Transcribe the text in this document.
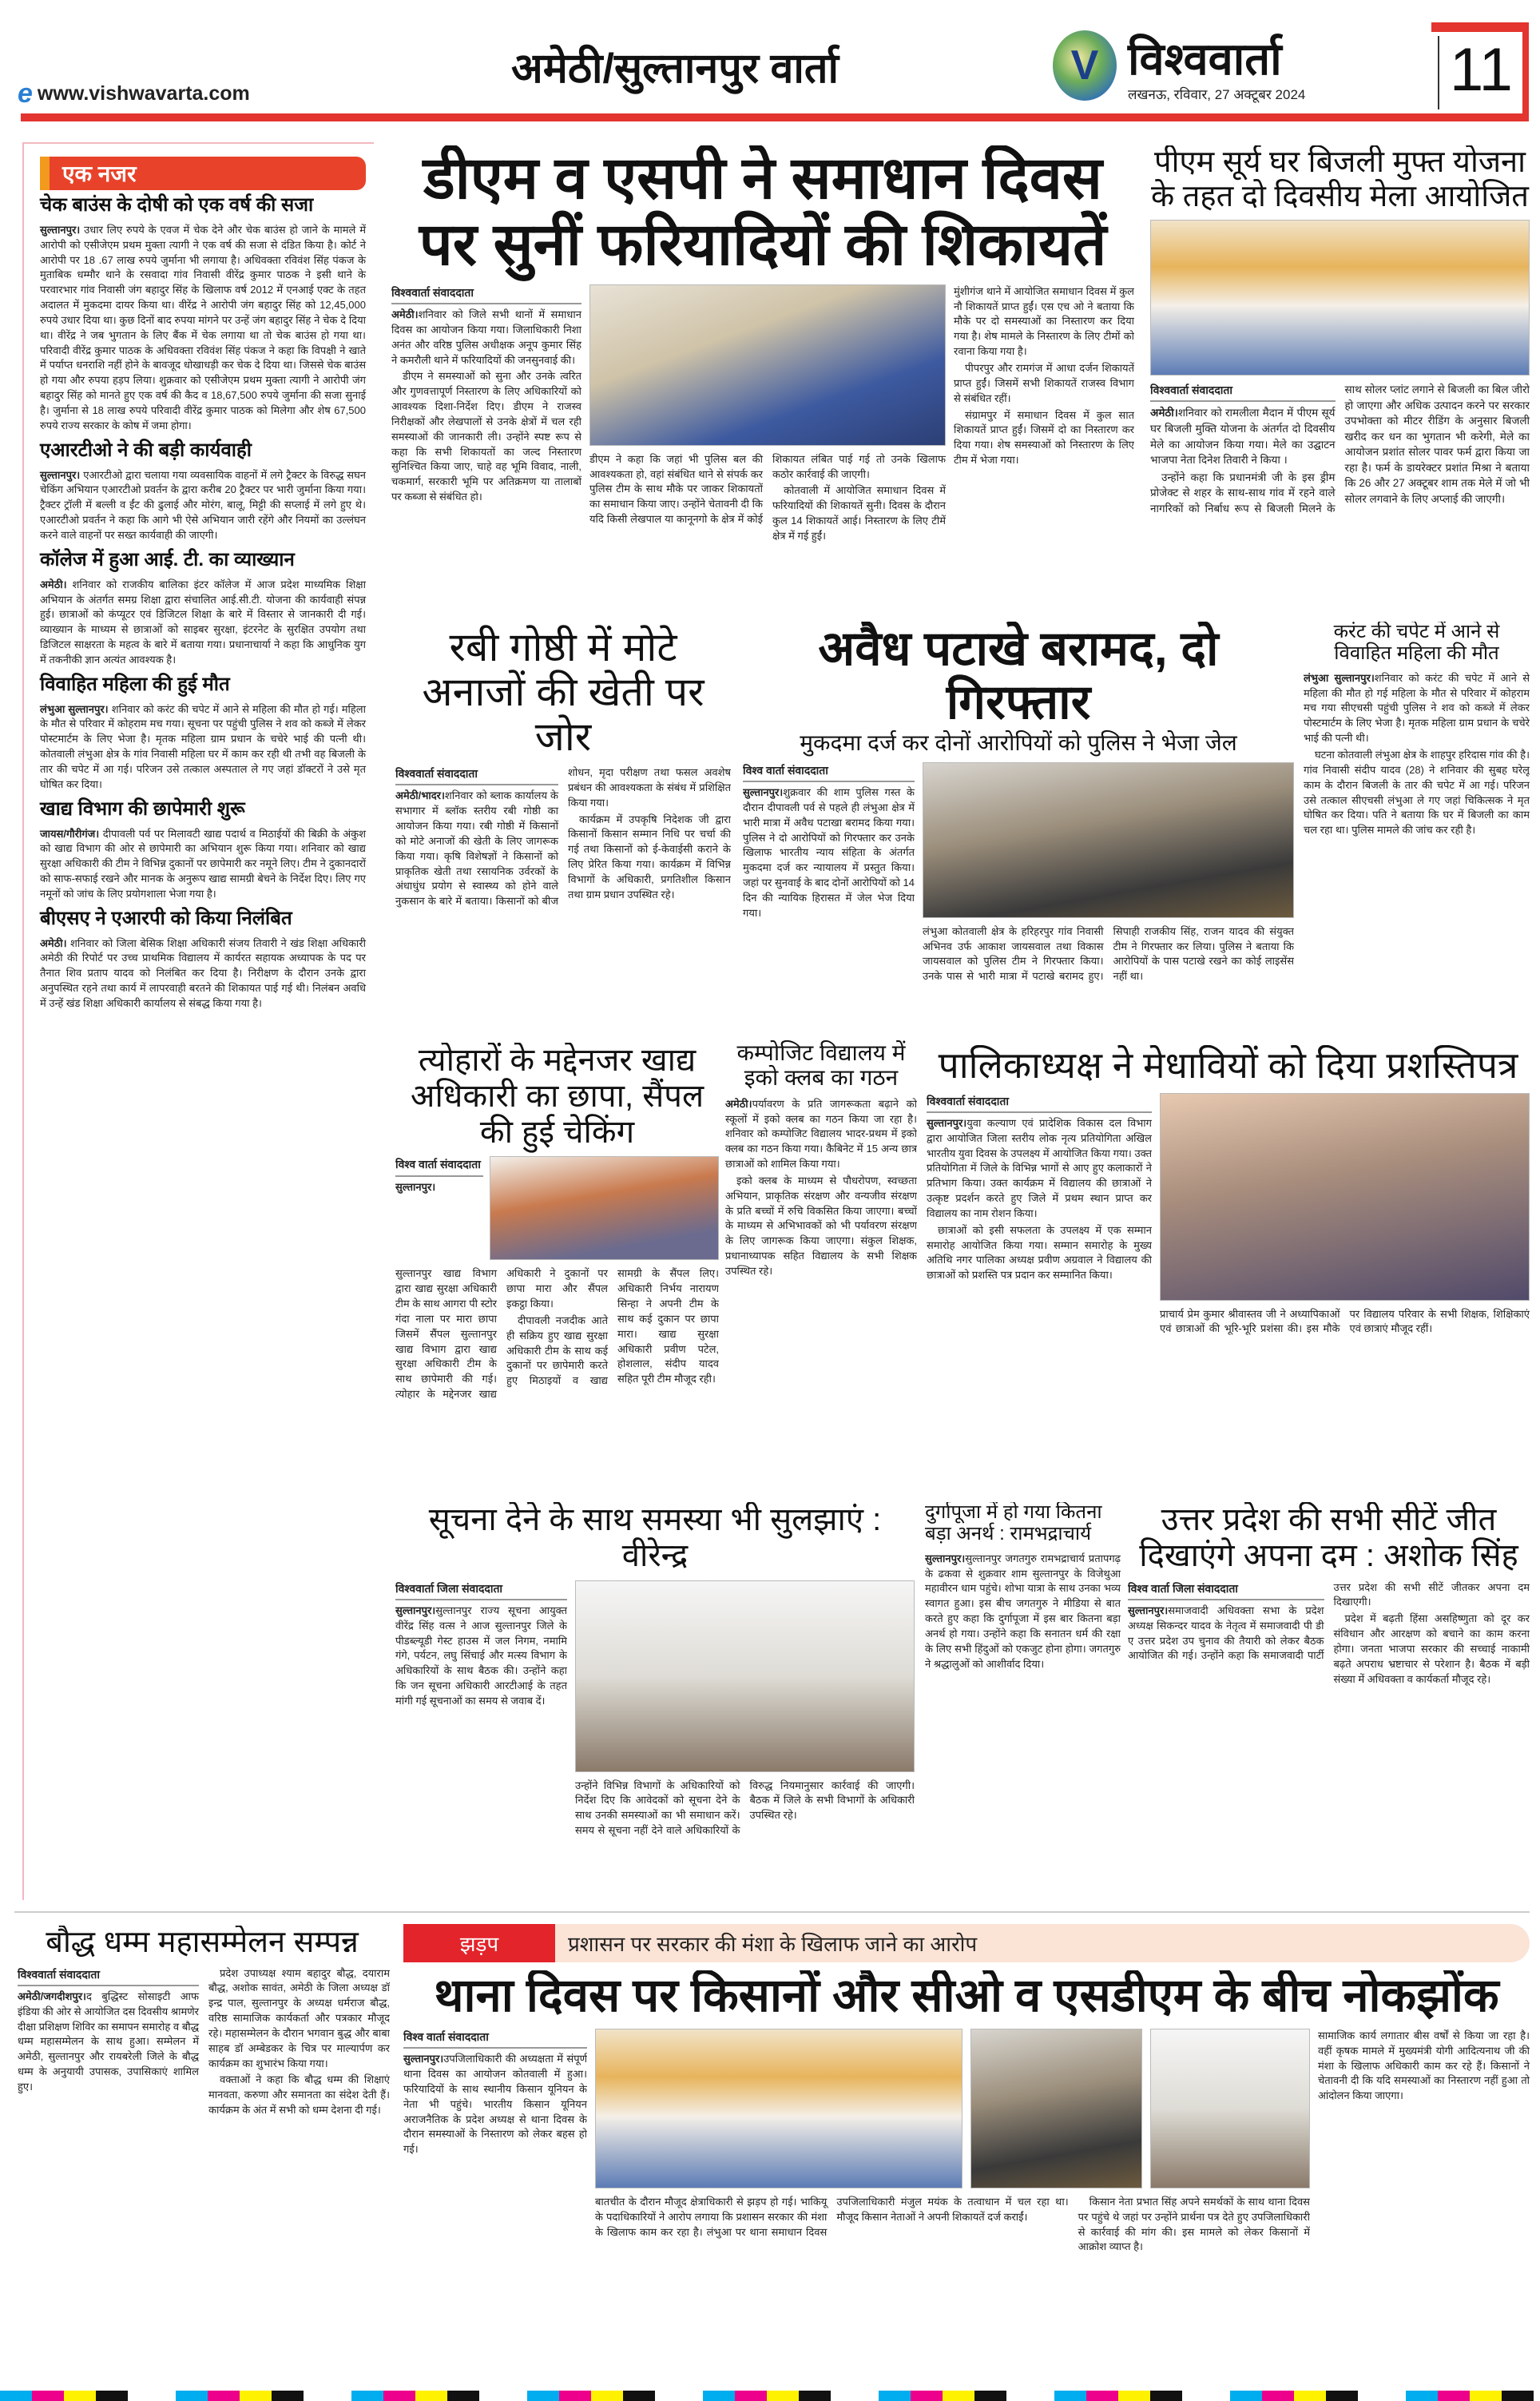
e www.vishwavarta.com
अमेठी/सुल्तानपुर वार्ता	V विश्ववार्ता
लखनऊ, रविवार, 27 अक्टूबर 2024 11
एक नजर
चेक बाउंस के दोषी को एक वर्ष की सजा
सुल्तानपुर। उधार लिए रुपये के एवज में चेक देने और चेक बाउंस हो जाने के मामले में आरोपी को एसीजेएम प्रथम मुक्ता त्यागी ने एक वर्ष की सजा से दंडित किया है। कोर्ट ने आरोपी पर 18 .67 लाख रुपये जुर्माना भी लगाया है। अधिवक्ता रविवंश सिंह पंकज के मुताबिक धम्मौर थाने के रसवादा गांव निवासी वीरेंद्र कुमार पाठक ने इसी थाने के परवारभार गांव निवासी जंग बहादुर सिंह के खिलाफ वर्ष 2012 में एनआई एक्ट के तहत अदालत में मुकदमा दायर किया था। वीरेंद्र ने आरोपी जंग बहादुर सिंह को 12,45,000 रुपये उधार दिया था। कुछ दिनों बाद रुपया मांगने पर उन्हें जंग बहादुर सिंह ने चेक दे दिया था। वीरेंद्र ने जब भुगतान के लिए बैंक में चेक लगाया था तो चेक बाउंस हो गया था। परिवादी वीरेंद्र कुमार पाठक के अधिवक्ता रविवंश सिंह पंकज ने कहा कि विपक्षी ने खाते में पर्याप्त धनराशि नहीं होने के बावजूद धोखाधड़ी कर चेक दे दिया था। जिससे चेक बाउंस हो गया और रुपया हड़प लिया। शुक्रवार को एसीजेएम प्रथम मुक्ता त्यागी ने आरोपी जंग बहादुर सिंह को मानते हुए एक वर्ष की कैद व 18,67,500 रुपये जुर्माना की सजा सुनाई है। जुर्माना से 18 लाख रुपये परिवादी वीरेंद्र कुमार पाठक को मिलेगा और शेष 67,500 रुपये राज्य सरकार के कोष में जमा होगा।
एआरटीओ ने की बड़ी कार्यवाही
सुल्तानपुर। एआरटीओ द्वारा चलाया गया व्यवसायिक वाहनों में लगे ट्रैक्टर के विरुद्ध सघन चेकिंग अभियान एआरटीओ प्रवर्तन के द्वारा करीब 20 ट्रैक्टर पर भारी जुर्माना किया गया। ट्रैक्टर ट्रॉली में बल्ली व ईंट की ढुलाई और मोरंग, बालू, मिट्टी की सप्लाई में लगे हुए थे। एआरटीओ प्रवर्तन ने कहा कि आगे भी ऐसे अभियान जारी रहेंगे और नियमों का उल्लंघन करने वाले वाहनों पर सख्त कार्यवाही की जाएगी।
कॉलेज में हुआ आई. टी. का व्याख्यान
अमेठी। शनिवार को राजकीय बालिका इंटर कॉलेज में आज प्रदेश माध्यमिक शिक्षा अभियान के अंतर्गत समग्र शिक्षा द्वारा संचालित आई.सी.टी. योजना की कार्यवाही संपन्न हुई। छात्राओं को कंप्यूटर एवं डिजिटल शिक्षा के बारे में विस्तार से जानकारी दी गई। व्याख्यान के माध्यम से छात्राओं को साइबर सुरक्षा, इंटरनेट के सुरक्षित उपयोग तथा डिजिटल साक्षरता के महत्व के बारे में बताया गया। प्रधानाचार्या ने कहा कि आधुनिक युग में तकनीकी ज्ञान अत्यंत आवश्यक है।
विवाहित महिला की हुई मौत
लंभुआ सुल्तानपुर। शनिवार को करंट की चपेट में आने से महिला की मौत हो गई। महिला के मौत से परिवार में कोहराम मच गया। सूचना पर पहुंची पुलिस ने शव को कब्जे में लेकर पोस्टमार्टम के लिए भेजा है। मृतक महिला ग्राम प्रधान के चचेरे भाई की पत्नी थी। कोतवाली लंभुआ क्षेत्र के गांव निवासी महिला घर में काम कर रही थी तभी वह बिजली के तार की चपेट में आ गई। परिजन उसे तत्काल अस्पताल ले गए जहां डॉक्टरों ने उसे मृत घोषित कर दिया।
खाद्य विभाग की छापेमारी शुरू
जायस/गौरीगंज। दीपावली पर्व पर मिलावटी खाद्य पदार्थ व मिठाईयों की बिक्री के अंकुश को खाद्य विभाग की ओर से छापेमारी का अभियान शुरू किया गया। शनिवार को खाद्य सुरक्षा अधिकारी की टीम ने विभिन्न दुकानों पर छापेमारी कर नमूने लिए। टीम ने दुकानदारों को साफ-सफाई रखने और मानक के अनुरूप खाद्य सामग्री बेचने के निर्देश दिए। लिए गए नमूनों को जांच के लिए प्रयोगशाला भेजा गया है।
बीएसए ने एआरपी को किया निलंबित
अमेठी। शनिवार को जिला बेसिक शिक्षा अधिकारी संजय तिवारी ने खंड शिक्षा अधिकारी अमेठी की रिपोर्ट पर उच्च प्राथमिक विद्यालय में कार्यरत सहायक अध्यापक के पद पर तैनात शिव प्रताप यादव को निलंबित कर दिया है। निरीक्षण के दौरान उनके द्वारा अनुपस्थित रहने तथा कार्य में लापरवाही बरतने की शिकायत पाई गई थी। निलंबन अवधि में उन्हें खंड शिक्षा अधिकारी कार्यालय से संबद्ध किया गया है।
डीएम व एसपी ने समाधान दिवस पर सुनीं फरियादियों की शिकायतें
विश्ववार्ता संवाददाता

अमेठी।शनिवार को जिले सभी थानों में समाधान दिवस का आयोजन किया गया। जिलाधिकारी निशा अनंत और वरिष्ठ पुलिस अधीक्षक अनूप कुमार सिंह ने कमरौली थाने में फरियादियों की जनसुनवाई की।

डीएम ने समस्याओं को सुना और उनके त्वरित और गुणवत्तापूर्ण निस्तारण के लिए अधिकारियों को आवश्यक दिशा-निर्देश दिए। डीएम ने राजस्व निरीक्षकों और लेखपालों से उनके क्षेत्रों में चल रही समस्याओं की जानकारी ली। उन्होंने स्पष्ट रूप से कहा कि सभी शिकायतों का जल्द निस्तारण सुनिश्चित किया जाए, चाहे वह भूमि विवाद, नाली, चकमार्ग, सरकारी भूमि पर अतिक्रमण या तालाबों पर कब्जा से संबंधित हो।

डीएम ने कहा कि जहां भी पुलिस बल की आवश्यकता हो, वहां संबंधित थाने से संपर्क कर पुलिस टीम के साथ मौके पर जाकर शिकायतों का समाधान किया जाए। उन्होंने चेतावनी दी कि यदि किसी लेखपाल या कानूनगो के क्षेत्र में कोई शिकायत लंबित पाई गई तो उनके खिलाफ कठोर कार्रवाई की जाएगी।

कोतवाली में आयोजित समाधान दिवस में फरियादियों की शिकायतें सुनी। दिवस के दौरान कुल 14 शिकायतें आई। निस्तारण के लिए टीमें क्षेत्र में गई हुईं।

मुंशीगंज थाने में आयोजित समाधान दिवस में कुल नौ शिकायतें प्राप्त हुईं। एस एच ओ ने बताया कि मौके पर दो समस्याओं का निस्तारण कर दिया गया है। शेष मामले के निस्तारण के लिए टीमों को रवाना किया गया है।

पीपरपुर और रामगंज में आधा दर्जन शिकायतें प्राप्त हुईं। जिसमें सभी शिकायतें राजस्व विभाग से संबंधित रहीं।

संग्रामपुर में समाधान दिवस में कुल सात शिकायतें प्राप्त हुईं। जिसमें दो का निस्तारण कर दिया गया। शेष समस्याओं को निस्तारण के लिए टीम में भेजा गया।

पीएम सूर्य घर बिजली मुफ्त योजना के तहत दो दिवसीय मेला आयोजित
विश्ववार्ता संवाददाता

अमेठी।शनिवार को रामलीला मैदान में पीएम सूर्य घर बिजली मुक्ति योजना के अंतर्गत दो दिवसीय मेले का आयोजन किया गया। मेले का उद्घाटन भाजपा नेता दिनेश तिवारी ने किया ।

उन्होंने कहा कि प्रधानमंत्री जी के इस ड्रीम प्रोजेक्ट से शहर के साथ-साथ गांव में रहने वाले नागरिकों को निर्बाध रूप से बिजली मिलने के साथ सोलर प्लांट लगाने से बिजली का बिल जीरो हो जाएगा और अधिक उत्पादन करने पर सरकार उपभोक्ता को मीटर रीडिंग के अनुसार बिजली खरीद कर धन का भुगतान भी करेगी, मेले का आयोजन प्रशांत सोलर पावर फर्म द्वारा किया जा रहा है। फर्म के डायरेक्टर प्रशांत मिश्रा ने बताया कि 26 और 27 अक्टूबर शाम तक मेले में जो भी सोलर लगवाने के लिए अप्लाई की जाएगी।

रबी गोष्ठी में मोटे अनाजों की खेती पर जोर
विश्ववार्ता संवाददाता

अमेठी/भादर।शनिवार को ब्लाक कार्यालय के सभागार में ब्लॉक स्तरीय रबी गोष्ठी का आयोजन किया गया। रबी गोष्ठी में किसानों को मोटे अनाजों की खेती के लिए जागरूक किया गया। कृषि विशेषज्ञों ने किसानों को प्राकृतिक खेती तथा रसायनिक उर्वरकों के अंधाधुंध प्रयोग से स्वास्थ्य को होने वाले नुकसान के बारे में बताया। किसानों को बीज शोधन, मृदा परीक्षण तथा फसल अवशेष प्रबंधन की आवश्यकता के संबंध में प्रशिक्षित किया गया।

कार्यक्रम में उपकृषि निदेशक जी द्वारा किसानों किसान सम्मान निधि पर चर्चा की गई तथा किसानों को ई-केवाईसी कराने के लिए प्रेरित किया गया। कार्यक्रम में विभिन्न विभागों के अधिकारी, प्रगतिशील किसान तथा ग्राम प्रधान उपस्थित रहे।

अवैध पटाखे बरामद, दो गिरफ्तार
मुकदमा दर्ज कर दोनों आरोपियों को पुलिस ने भेजा जेल
विश्व वार्ता संवाददाता

सुल्तानपुर।शुक्रवार की शाम पुलिस गस्त के दौरान दीपावली पर्व से पहले ही लंभुआ क्षेत्र में भारी मात्रा में अवैध पटाखा बरामद किया गया। पुलिस ने दो आरोपियों को गिरफ्तार कर उनके खिलाफ भारतीय न्याय संहिता के अंतर्गत मुकदमा दर्ज कर न्यायालय में प्रस्तुत किया। जहां पर सुनवाई के बाद दोनों आरोपियों को 14 दिन की न्यायिक हिरासत में जेल भेज दिया गया।

लंभुआ कोतवाली क्षेत्र के हरिहरपुर गांव निवासी अभिनव उर्फ आकाश जायसवाल तथा विकास जायसवाल को पुलिस टीम ने गिरफ्तार किया। उनके पास से भारी मात्रा में पटाखे बरामद हुए। सिपाही राजकीय सिंह, राजन यादव की संयुक्त टीम ने गिरफ्तार कर लिया। पुलिस ने बताया कि आरोपियों के पास पटाखे रखने का कोई लाइसेंस नहीं था।

करंट की चपेट में आने से विवाहित महिला की मौत

लंभुआ सुल्तानपुर।शनिवार को करंट की चपेट में आने से महिला की मौत हो गई महिला के मौत से परिवार में कोहराम मच गया सीएचसी पहुंची पुलिस ने शव को कब्जे में लेकर पोस्टमार्टम के लिए भेजा है। मृतक महिला ग्राम प्रधान के चचेरे भाई की पत्नी थी।

घटना कोतवाली लंभुआ क्षेत्र के शाहपुर हरिदास गांव की है। गांव निवासी संदीप यादव (28) ने शनिवार की सुबह घरेलू काम के दौरान बिजली के तार की चपेट में आ गई। परिजन उसे तत्काल सीएचसी लंभुआ ले गए जहां चिकित्सक ने मृत घोषित कर दिया। पति ने बताया कि घर में बिजली का काम चल रहा था। पुलिस मामले की जांच कर रही है।

त्योहारों के मद्देनजर खाद्य अधिकारी का छापा, सैंपल की हुई चेकिंग
विश्व वार्ता संवाददाता

सुल्तानपुर।

सुल्तानपुर खाद्य विभाग द्वारा खाद्य सुरक्षा अधिकारी टीम के साथ आगरा पी स्टोर गंदा नाला पर मारा छापा जिसमें सैंपल सुल्तानपुर खाद्य विभाग द्वारा खाद्य सुरक्षा अधिकारी टीम के साथ छापेमारी की गई। त्योहार के मद्देनजर खाद्य अधिकारी ने दुकानों पर छापा मारा और सैंपल इकट्ठा किया।

दीपावली नजदीक आते ही सक्रिय हुए खाद्य सुरक्षा अधिकारी टीम के साथ कई दुकानों पर छापेमारी करते हुए मिठाइयों व खाद्य सामग्री के सैंपल लिए। अधिकारी निर्भय नारायण सिन्हा ने अपनी टीम के साथ कई दुकान पर छापा मारा। खाद्य सुरक्षा अधिकारी प्रवीण पटेल, होशलाल, संदीप यादव सहित पूरी टीम मौजूद रही।

कम्पोजिट विद्यालय में इको क्लब का गठन

अमेठी।पर्यावरण के प्रति जागरूकता बढ़ाने को स्कूलों में इको क्लब का गठन किया जा रहा है। शनिवार को कम्पोजिट विद्यालय भादर-प्रथम में इको क्लब का गठन किया गया। कैबिनेट में 15 अन्य छात्र छात्राओं को शामिल किया गया।

इको क्लब के माध्यम से पौधरोपण, स्वच्छता अभियान, प्राकृतिक संरक्षण और वन्यजीव संरक्षण के प्रति बच्चों में रुचि विकसित किया जाएगा। बच्चों के माध्यम से अभिभावकों को भी पर्यावरण संरक्षण के लिए जागरूक किया जाएगा। संकुल शिक्षक, प्रधानाध्यापक सहित विद्यालय के सभी शिक्षक उपस्थित रहे।

पालिकाध्यक्ष ने मेधावियों को दिया प्रशस्तिपत्र
विश्ववार्ता संवाददाता

सुल्तानपुर।युवा कल्याण एवं प्रादेशिक विकास दल विभाग द्वारा आयोजित जिला स्तरीय लोक नृत्य प्रतियोगिता अखिल भारतीय युवा दिवस के उपलक्ष्य में आयोजित किया गया। उक्त प्रतियोगिता में जिले के विभिन्न भागों से आए हुए कलाकारों ने प्रतिभाग किया। उक्त कार्यक्रम में विद्यालय की छात्राओं ने उत्कृष्ट प्रदर्शन करते हुए जिले में प्रथम स्थान प्राप्त कर विद्यालय का नाम रोशन किया।

छात्राओं को इसी सफलता के उपलक्ष्य में एक सम्मान समारोह आयोजित किया गया। सम्मान समारोह के मुख्य अतिथि नगर पालिका अध्यक्ष प्रवीण अग्रवाल ने विद्यालय की छात्राओं को प्रशस्ति पत्र प्रदान कर सम्मानित किया।

प्राचार्य प्रेम कुमार श्रीवास्तव जी ने अध्यापिकाओं एवं छात्राओं की भूरि-भूरि प्रशंसा की। इस मौके पर विद्यालय परिवार के सभी शिक्षक, शिक्षिकाएं एवं छात्राएं मौजूद रहीं।

सूचना देने के साथ समस्या भी सुलझाएं : वीरेन्द्र
विश्ववार्ता जिला संवाददाता

सुल्तानपुर।सुल्तानपुर राज्य सूचना आयुक्त वीरेंद्र सिंह वत्स ने आज सुल्तानपुर जिले के पीडब्ल्यूडी गेस्ट हाउस में जल निगम, नमामि गंगे, पर्यटन, लघु सिंचाई और मत्स्य विभाग के अधिकारियों के साथ बैठक की। उन्होंने कहा कि जन सूचना अधिकारी आरटीआई के तहत मांगी गई सूचनाओं का समय से जवाब दें।

उन्होंने विभिन्न विभागों के अधिकारियों को निर्देश दिए कि आवेदकों को सूचना देने के साथ उनकी समस्याओं का भी समाधान करें। समय से सूचना नहीं देने वाले अधिकारियों के विरुद्ध नियमानुसार कार्रवाई की जाएगी। बैठक में जिले के सभी विभागों के अधिकारी उपस्थित रहे।

दुर्गापूजा में हो गया कितना बड़ा अनर्थ : रामभद्राचार्य

सुल्तानपुर।सुल्तानपुर जगतगुरु रामभद्राचार्य प्रतापगढ़ के ढकवा से शुक्रवार शाम सुल्तानपुर के विजेथुआ महावीरन धाम पहुंचे। शोभा यात्रा के साथ उनका भव्य स्वागत हुआ। इस बीच जगतगुरु ने मीडिया से बात करते हुए कहा कि दुर्गापूजा में इस बार कितना बड़ा अनर्थ हो गया। उन्होंने कहा कि सनातन धर्म की रक्षा के लिए सभी हिंदुओं को एकजुट होना होगा। जगतगुरु ने श्रद्धालुओं को आशीर्वाद दिया।

उत्तर प्रदेश की सभी सीटें जीत दिखाएंगे अपना दम : अशोक सिंह
विश्व वार्ता जिला संवाददाता

सुल्तानपुर।समाजवादी अधिवक्ता सभा के प्रदेश अध्यक्ष सिकन्दर यादव के नेतृत्व में समाजवादी पी डी ए उत्तर प्रदेश उप चुनाव की तैयारी को लेकर बैठक आयोजित की गई। उन्होंने कहा कि समाजवादी पार्टी उत्तर प्रदेश की सभी सीटें जीतकर अपना दम दिखाएगी।

प्रदेश में बढ़ती हिंसा असहिष्णुता को दूर कर संविधान और आरक्षण को बचाने का काम करना होगा। जनता भाजपा सरकार की सच्चाई नाकामी बढ़ते अपराध भ्रष्टाचार से परेशान है। बैठक में बड़ी संख्या में अधिवक्ता व कार्यकर्ता मौजूद रहे।

बौद्ध धम्म महासम्मेलन सम्पन्न
विश्ववार्ता संवाददाता

अमेठी/जगदीशपुर।द बुद्धिस्ट सोसाइटी आफ इंडिया की ओर से आयोजित दस दिवसीय श्रामणेर दीक्षा प्रशिक्षण शिविर का समापन समारोह व बौद्ध धम्म महासम्मेलन के साथ हुआ। सम्मेलन में अमेठी, सुल्तानपुर और रायबरेली जिले के बौद्ध धम्म के अनुयायी उपासक, उपासिकाएं शामिल हुए।

प्रदेश उपाध्यक्ष श्याम बहादुर बौद्ध, दयाराम बौद्ध, अशोक सावंत, अमेठी के जिला अध्यक्ष डॉ इन्द्र पाल, सुल्तानपुर के अध्यक्ष धर्मराज बौद्ध, वरिष्ठ सामाजिक कार्यकर्ता और पत्रकार मौजूद रहे। महासम्मेलन के दौरान भगवान बुद्ध और बाबा साहब डॉ अम्बेडकर के चित्र पर माल्यार्पण कर कार्यक्रम का शुभारंभ किया गया।

वक्ताओं ने कहा कि बौद्ध धम्म की शिक्षाएं मानवता, करुणा और समानता का संदेश देती हैं। कार्यक्रम के अंत में सभी को धम्म देशना दी गई।

झड़प	प्रशासन पर सरकार की मंशा के खिलाफ जाने का आरोप
थाना दिवस पर किसानों और सीओ व एसडीएम के बीच नोकझोंक
विश्व वार्ता संवाददाता

सुल्तानपुर।उपजिलाधिकारी की अध्यक्षता में संपूर्ण थाना दिवस का आयोजन कोतवाली में हुआ। फरियादियों के साथ स्थानीय किसान यूनियन के नेता भी पहुंचे। भारतीय किसान यूनियन अराजनैतिक के प्रदेश अध्यक्ष से थाना दिवस के दौरान समस्याओं के निस्तारण को लेकर बहस हो गई।

बातचीत के दौरान मौजूद क्षेत्राधिकारी से झड़प हो गई। भाकियू के पदाधिकारियों ने आरोप लगाया कि प्रशासन सरकार की मंशा के खिलाफ काम कर रहा है। लंभुआ पर थाना समाधान दिवस उपजिलाधिकारी मंजुल मयंक के तत्वाधान में चल रहा था। मौजूद किसान नेताओं ने अपनी शिकायतें दर्ज कराईं।

किसान नेता प्रभात सिंह अपने समर्थकों के साथ थाना दिवस पर पहुंचे थे जहां पर उन्होंने प्रार्थना पत्र देते हुए उपजिलाधिकारी से कार्रवाई की मांग की। इस मामले को लेकर किसानों में आक्रोश व्याप्त है।

सामाजिक कार्य लगातार बीस वर्षों से किया जा रहा है। वहीं कृषक मामले में मुख्यमंत्री योगी आदित्यनाथ जी की मंशा के खिलाफ अधिकारी काम कर रहे हैं। किसानों ने चेतावनी दी कि यदि समस्याओं का निस्तारण नहीं हुआ तो आंदोलन किया जाएगा।
